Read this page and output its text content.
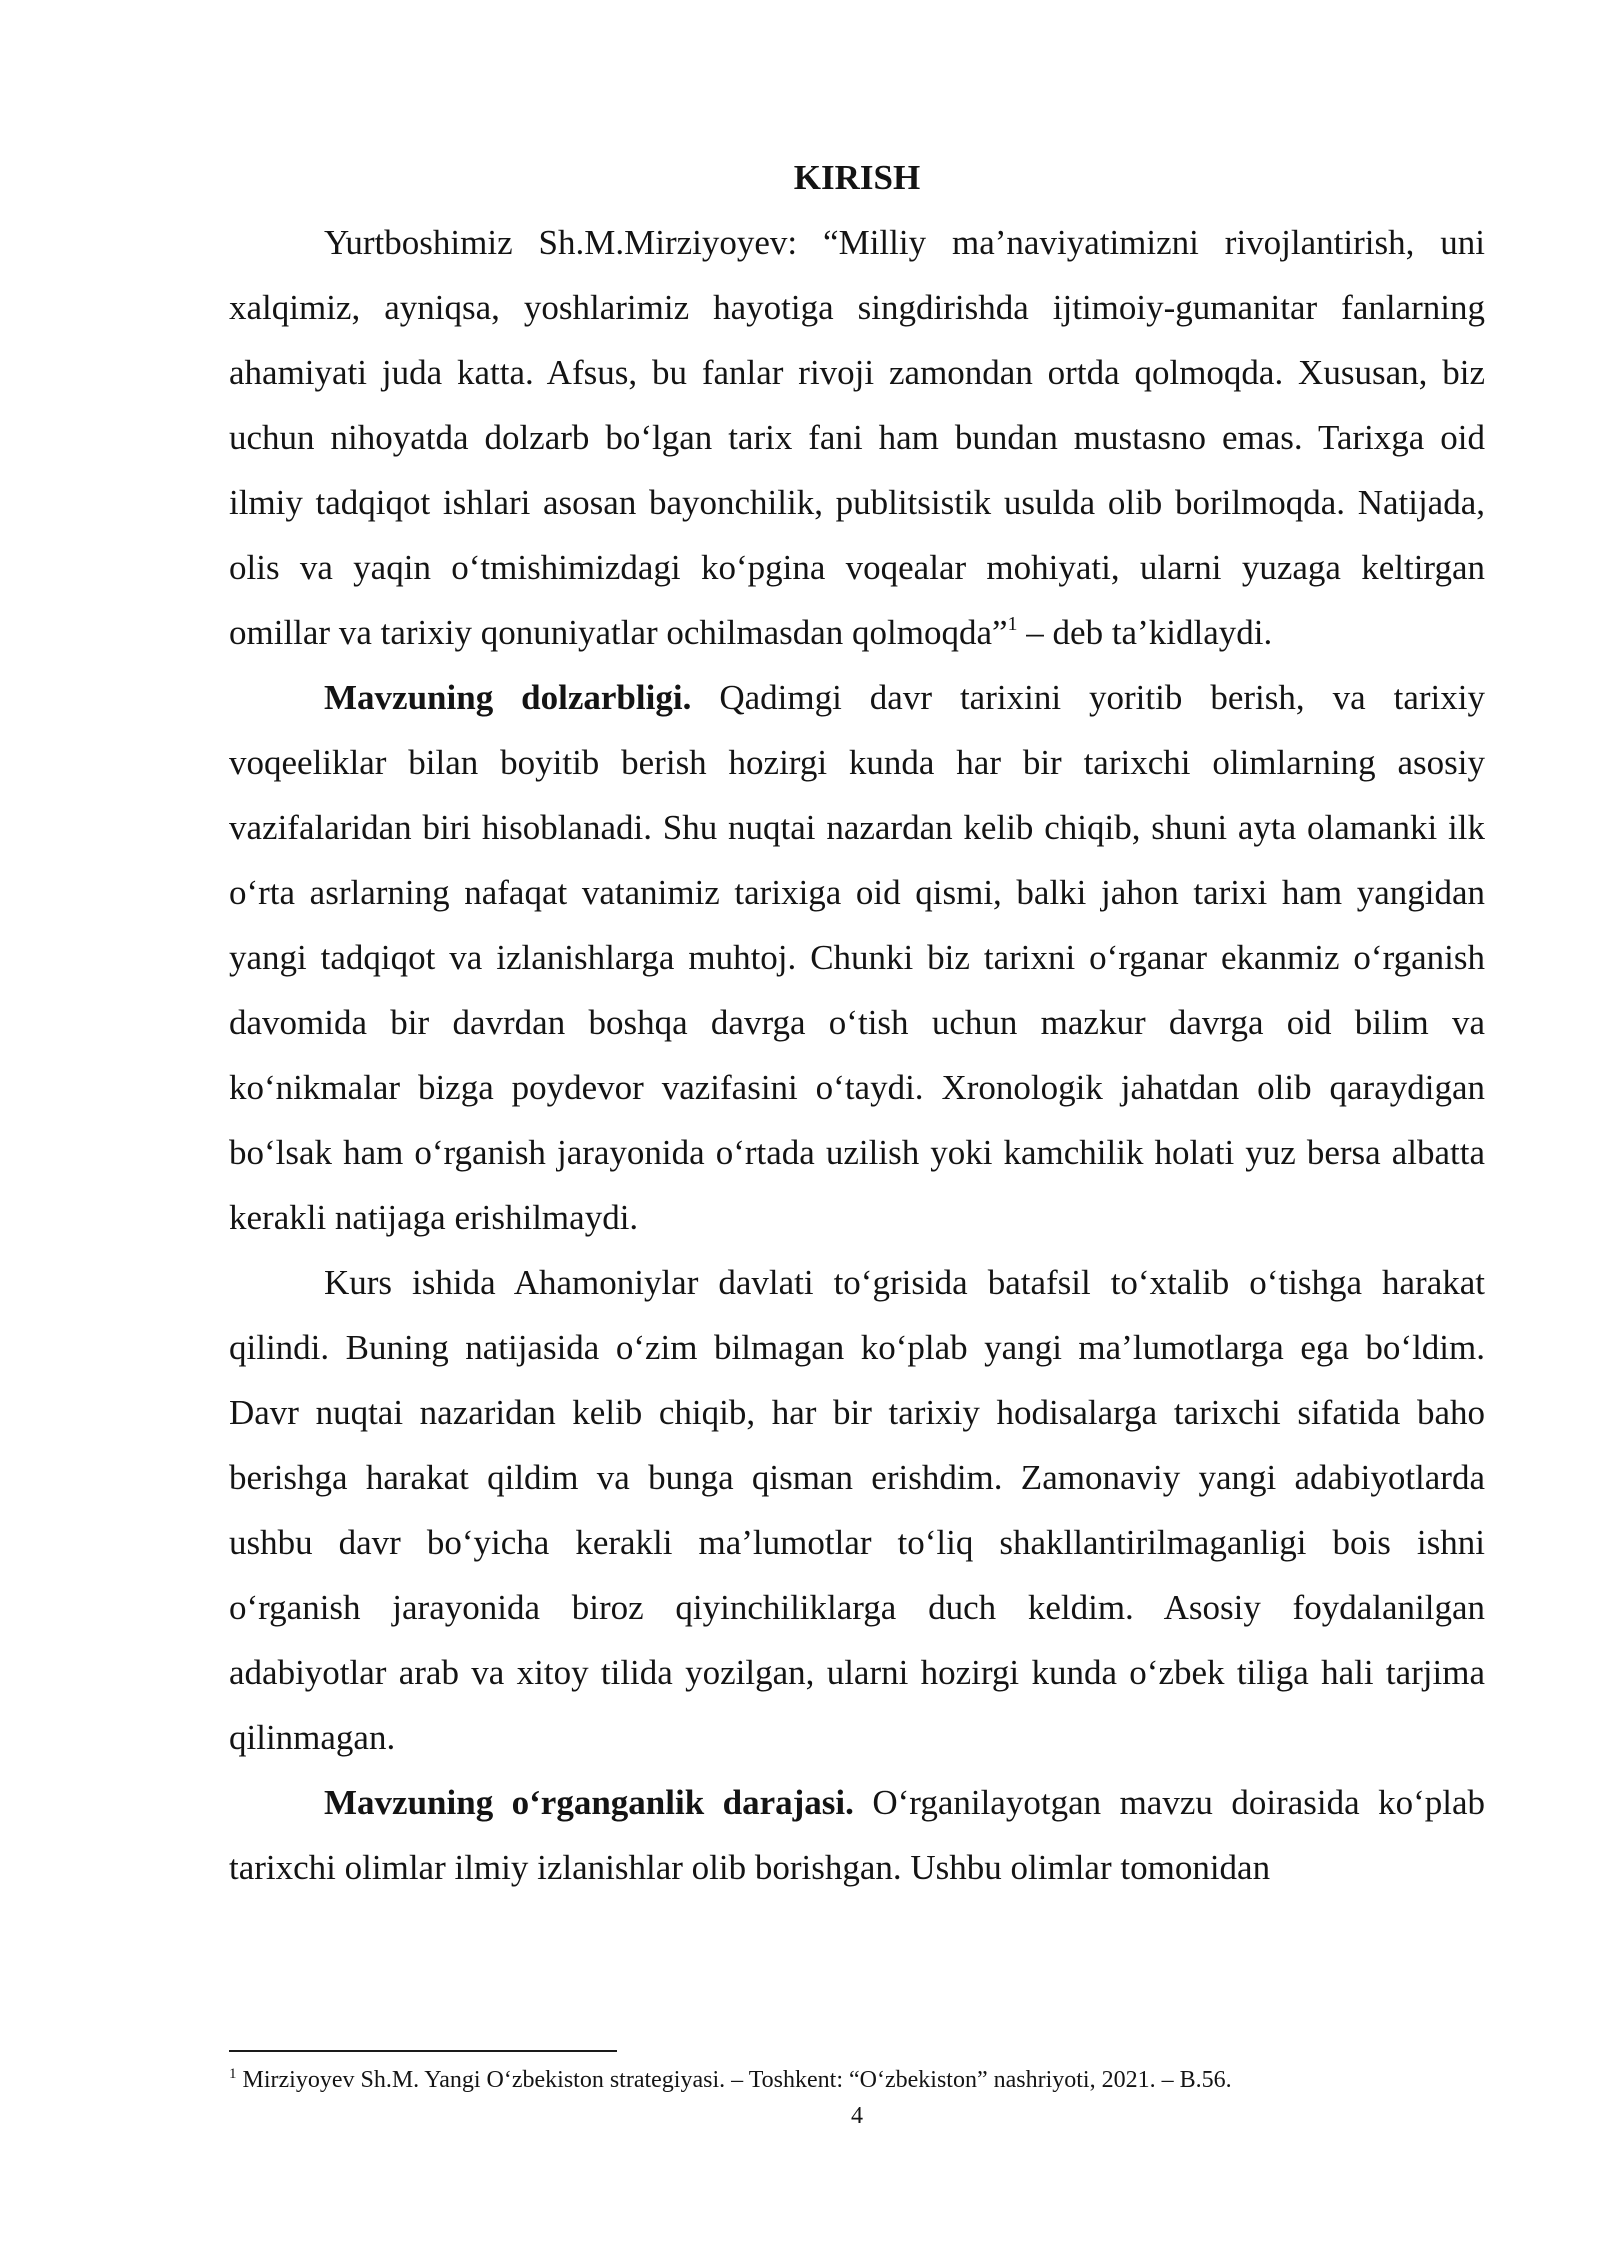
KIRISH

Yurtboshimiz Sh.M.Mirziyoyev: “Milliy ma’naviyatimizni rivojlantirish, uni xalqimiz, ayniqsa, yoshlarimiz hayotiga singdirishda ijtimoiy-gumanitar fanlarning ahamiyati juda katta. Afsus, bu fanlar rivoji zamondan ortda qolmoqda. Xususan, biz uchun nihoyatda dolzarb bo‘lgan tarix fani ham bundan mustasno emas. Tarixga oid ilmiy tadqiqot ishlari asosan bayonchilik, publitsistik usulda olib borilmoqda. Natijada, olis va yaqin o‘tmishimizdagi ko‘pgina voqealar mohiyati, ularni yuzaga keltirgan omillar va tarixiy qonuniyatlar ochilmasdan qolmoqda”$^1$ – deb ta’kidlaydi.

Mavzuning dolzarbligi. Qadimgi davr tarixini yoritib berish, va tarixiy voqeeliklar bilan boyitib berish hozirgi kunda har bir tarixchi olimlarning asosiy vazifalaridan biri hisoblanadi. Shu nuqtai nazardan kelib chiqib, shuni ayta olamanki ilk o‘rta asrlarning nafaqat vatanimiz tarixiga oid qismi, balki jahon tarixi ham yangidan yangi tadqiqot va izlanishlarga muhtoj. Chunki biz tarixni o‘rganar ekanmiz o‘rganish davomida bir davrdan boshqa davrga o‘tish uchun mazkur davrga oid bilim va ko‘nikmalar bizga poydevor vazifasini o‘taydi. Xronologik jahatdan olib qaraydigan bo‘lsak ham o‘rganish jarayonida o‘rtada uzilish yoki kamchilik holati yuz bersa albatta kerakli natijaga erishilmaydi.

Kurs ishida Ahamoniylar davlati to‘grisida batafsil to‘xtalib o‘tishga harakat qilindi. Buning natijasida o‘zim bilmagan ko‘plab yangi ma’lumotlarga ega bo‘ldim. Davr nuqtai nazaridan kelib chiqib, har bir tarixiy hodisalarga tarixchi sifatida baho berishga harakat qildim va bunga qisman erishdim. Zamonaviy yangi adabiyotlarda ushbu davr bo‘yicha kerakli ma’lumotlar to‘liq shakllantirilmaganligi bois ishni o‘rganish jarayonida biroz qiyinchiliklarga duch keldim. Asosiy foydalanilgan adabiyotlar arab va xitoy tilida yozilgan, ularni hozirgi kunda o‘zbek tiliga hali tarjima qilinmagan.

Mavzuning o‘rganganlik darajasi. O‘rganilayotgan mavzu doirasida ko‘plab tarixchi olimlar ilmiy izlanishlar olib borishgan. Ushbu olimlar tomonidan

$^1$ Mirziyoyev Sh.M. Yangi O‘zbekiston strategiyasi. – Toshkent: “O‘zbekiston” nashriyoti, 2021. – B.56.
4
